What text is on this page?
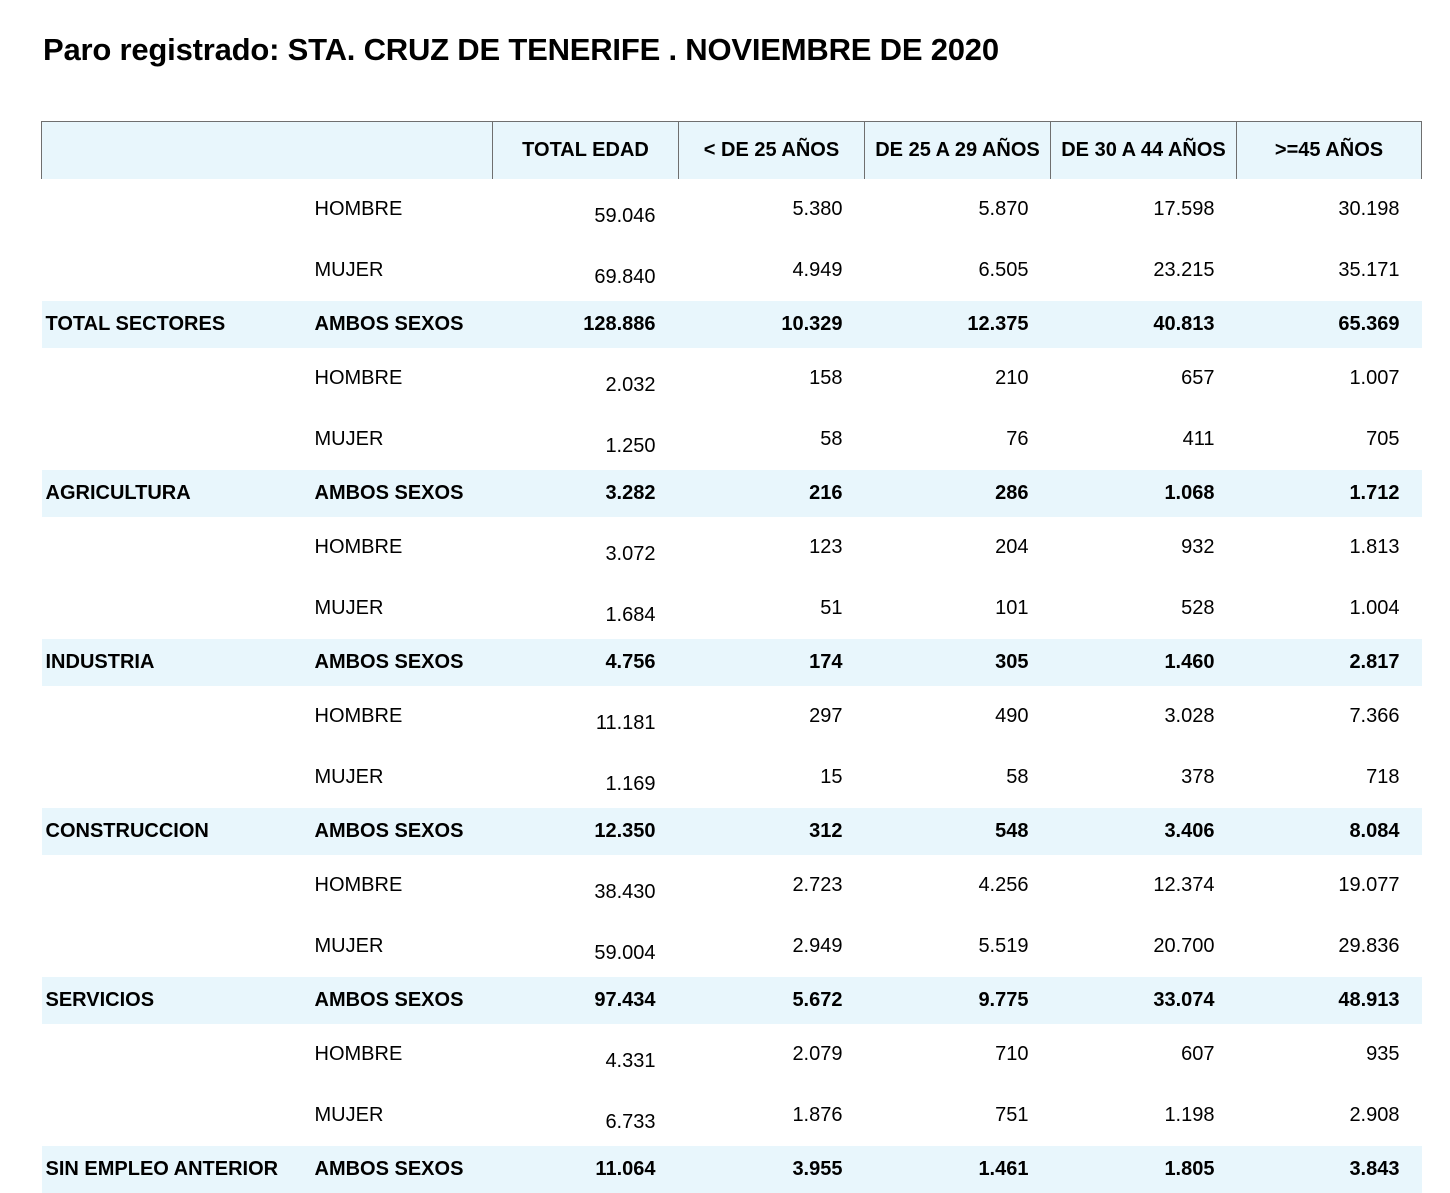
Paro registrado: STA. CRUZ DE TENERIFE . NOVIEMBRE DE 2020
		TOTAL EDAD	< DE 25 AÑOS	DE 25 A 29 AÑOS	DE 30 A 44 AÑOS	>=45 AÑOS
	HOMBRE	59.046	5.380	5.870	17.598	30.198
	MUJER	69.840	4.949	6.505	23.215	35.171
TOTAL SECTORES	AMBOS SEXOS	128.886	10.329	12.375	40.813	65.369
	HOMBRE	2.032	158	210	657	1.007
	MUJER	1.250	58	76	411	705
AGRICULTURA	AMBOS SEXOS	3.282	216	286	1.068	1.712
	HOMBRE	3.072	123	204	932	1.813
	MUJER	1.684	51	101	528	1.004
INDUSTRIA	AMBOS SEXOS	4.756	174	305	1.460	2.817
	HOMBRE	11.181	297	490	3.028	7.366
	MUJER	1.169	15	58	378	718
CONSTRUCCION	AMBOS SEXOS	12.350	312	548	3.406	8.084
	HOMBRE	38.430	2.723	4.256	12.374	19.077
	MUJER	59.004	2.949	5.519	20.700	29.836
SERVICIOS	AMBOS SEXOS	97.434	5.672	9.775	33.074	48.913
	HOMBRE	4.331	2.079	710	607	935
	MUJER	6.733	1.876	751	1.198	2.908
SIN EMPLEO ANTERIOR	AMBOS SEXOS	11.064	3.955	1.461	1.805	3.843
